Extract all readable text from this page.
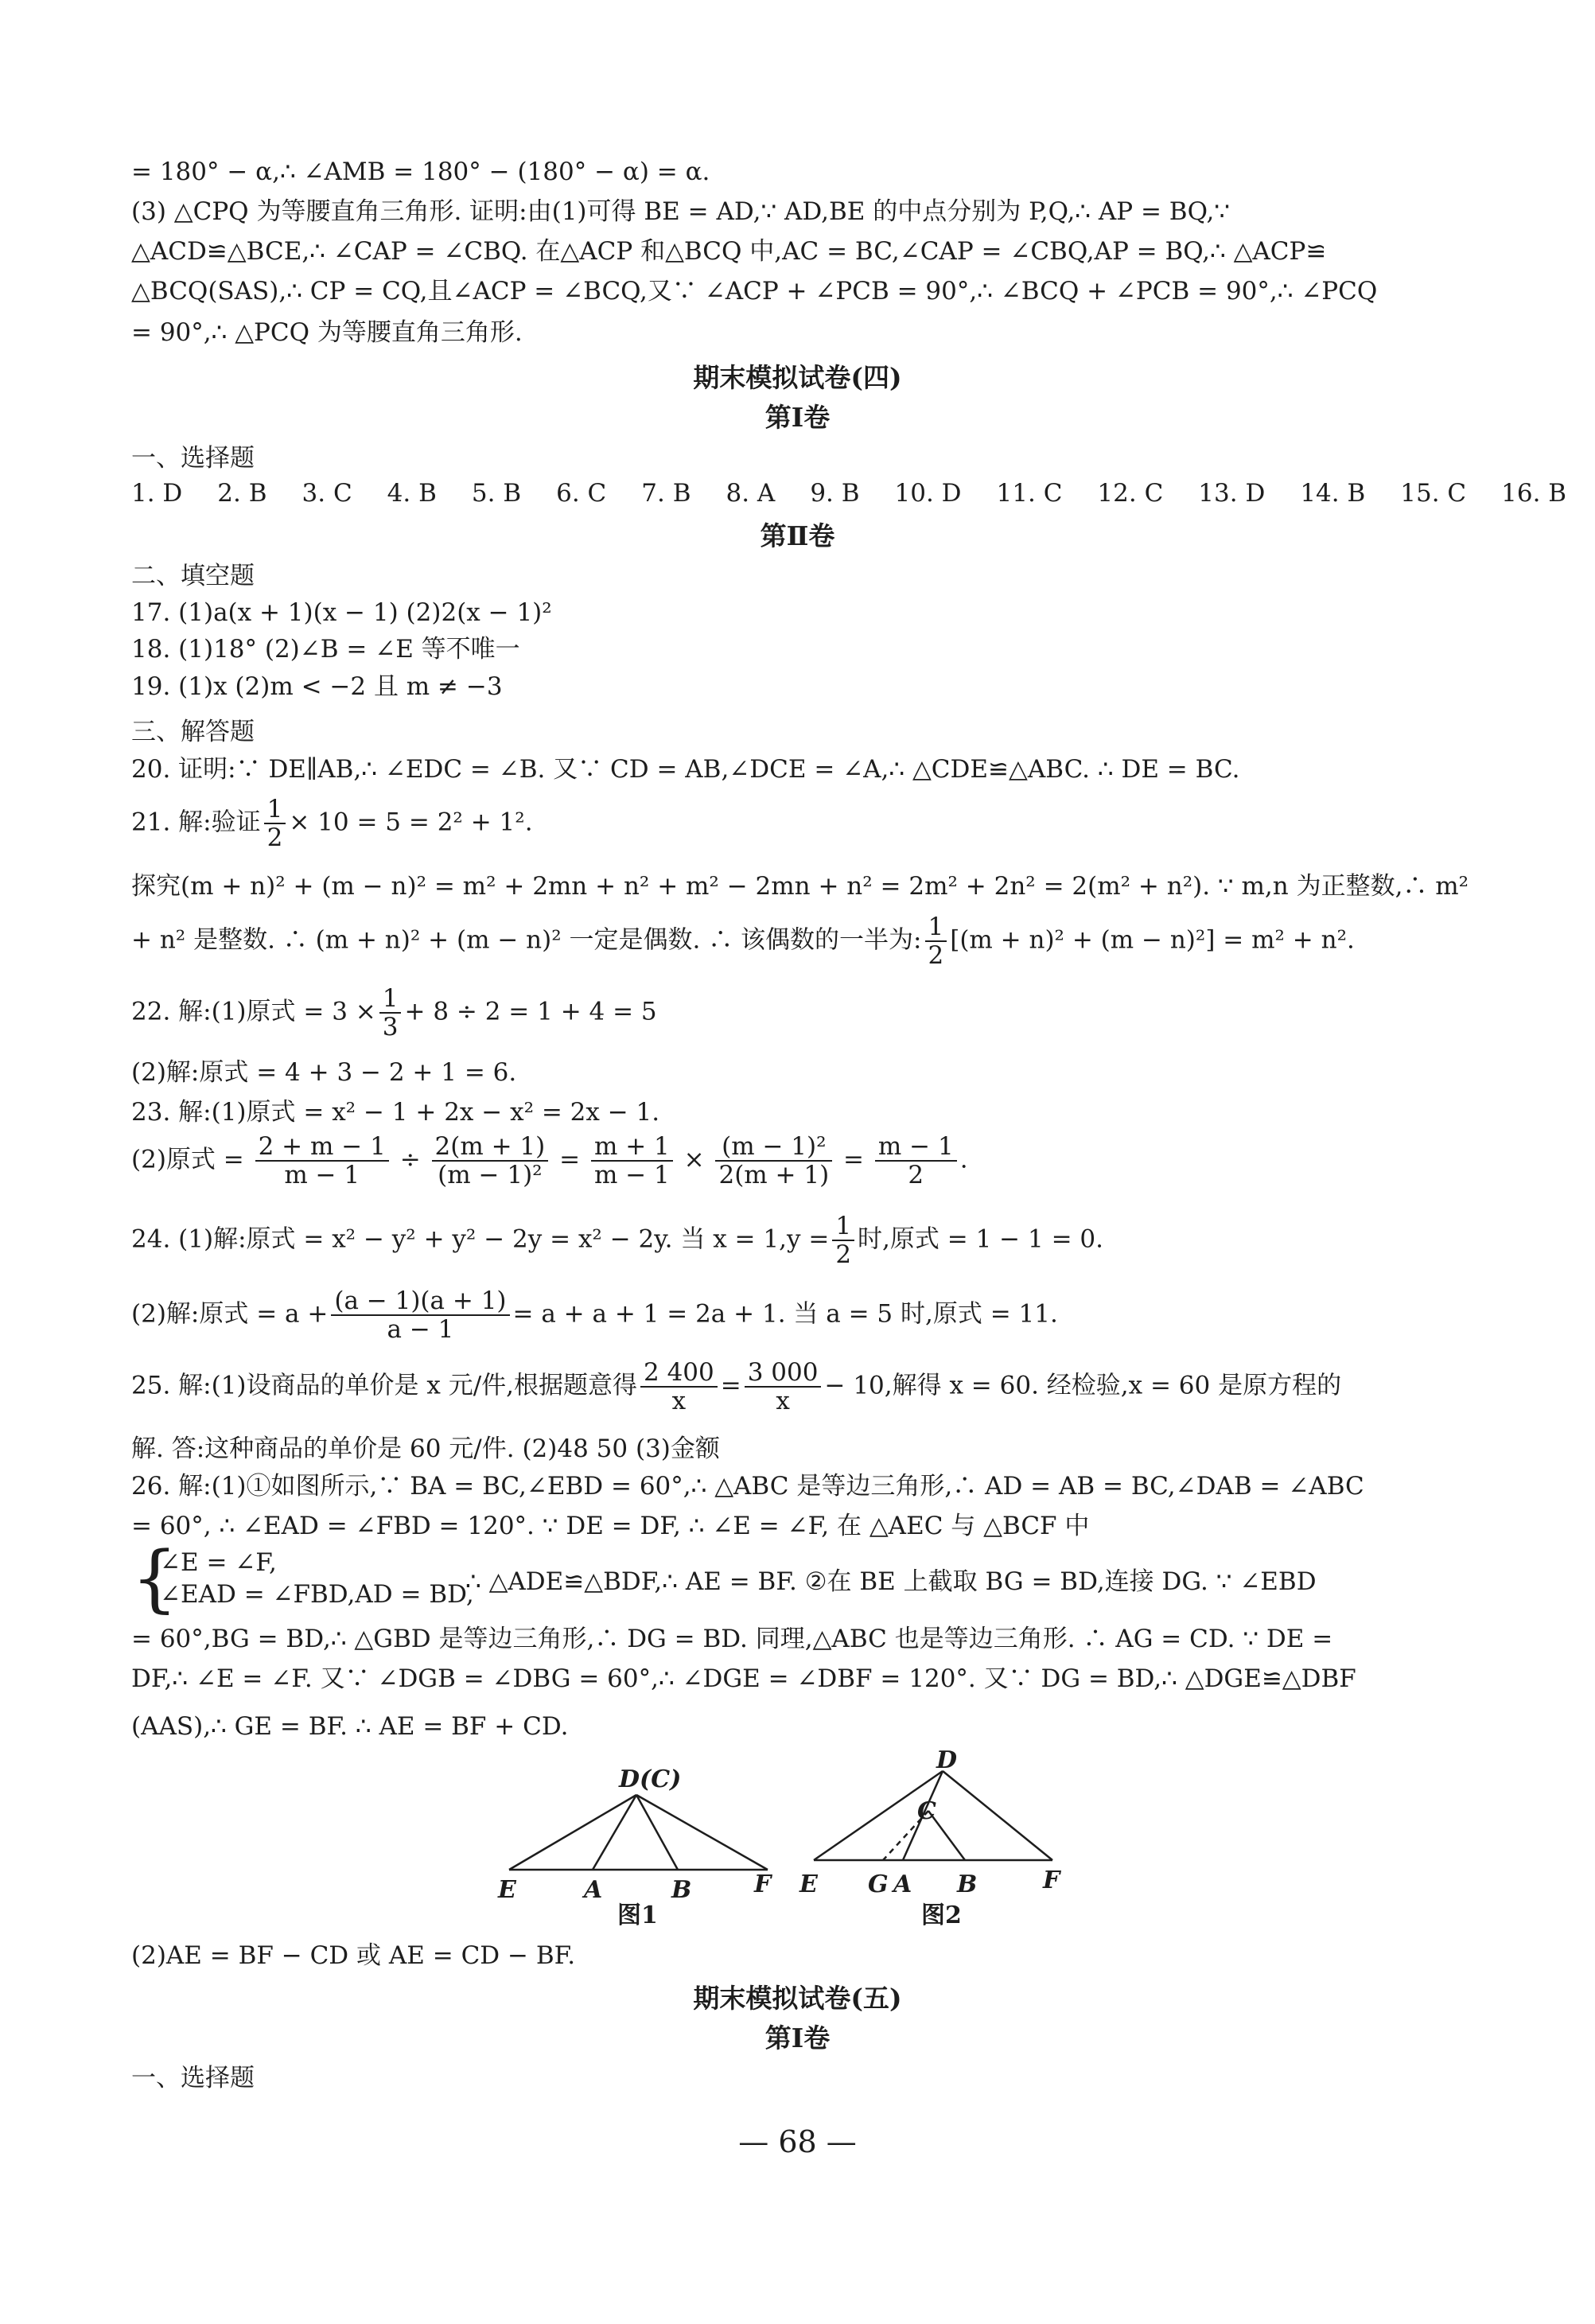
= 180° − α,∴ ∠AMB = 180° − (180° − α) = α.
(3) △CPQ 为等腰直角三角形. 证明:由(1)可得 BE = AD,∵ AD,BE 的中点分别为 P,Q,∴ AP = BQ,∵
△ACD≌△BCE,∴ ∠CAP = ∠CBQ. 在△ACP 和△BCQ 中,AC = BC,∠CAP = ∠CBQ,AP = BQ,∴ △ACP≌
△BCQ(SAS),∴ CP = CQ,且∠ACP = ∠BCQ,又∵ ∠ACP + ∠PCB = 90°,∴ ∠BCQ + ∠PCB = 90°,∴ ∠PCQ
= 90°,∴ △PCQ 为等腰直角三角形.
期末模拟试卷(四)
第Ⅰ卷
一、选择题
1. D 2. B 3. C 4. B 5. B 6. C 7. B 8. A 9. B 10. D 11. C 12. C 13. D 14. B 15. C 16. B
第Ⅱ卷
二、填空题
17. (1)a(x + 1)(x − 1) (2)2(x − 1)²
18. (1)18° (2)∠B = ∠E 等不唯一
19. (1)x (2)m < −2 且 m ≠ −3
三、解答题
20. 证明:∵ DE∥AB,∴ ∠EDC = ∠B. 又∵ CD = AB,∠DCE = ∠A,∴ △CDE≌△ABC. ∴ DE = BC.
21. 解:验证 $\frac{1}{2} \times 10 = 5 = 2^2 + 1^2$.
探究(m + n)² + (m − n)² = m² + 2mn + n² + m² − 2mn + n² = 2m² + 2n² = 2(m² + n²). ∵ m,n 为正整数,∴ m²
+ n² 是整数. ∴ (m + n)² + (m − n)² 一定是偶数. ∴ 该偶数的一半为: $\frac{1}{2} [(m + n)^2 + (m - n)^2] = m^2 + n^2$.
22. 解:(1)原式 = $3 \times \frac{1}{3} + 8 \div 2 = 1 + 4 = 5$
(2)解:原式 = 4 + 3 − 2 + 1 = 6.
23. 解:(1)原式 = x² − 1 + 2x − x² = 2x − 1.
(2)原式 = $\frac{2 + m - 1}{m - 1} \div \frac{2(m + 1)}{\text{(m − 1)²}} = \frac{m + 1}{m - 1} \times \frac{\text{(m − 1)²}}{2(m + 1)} = \frac{m - 1}{2}$ .
24. (1)解:原式 = x² − y² + y² − 2y = x² − 2y. 当 $x = 1,y = \frac{1}{2}$ 时,原式 = 1 − 1 = 0.
(2)解:原式 = $a + \frac{(a - 1)(a + 1)}{a - 1} = a + a + 1 = 2a + 1$. 当 a = 5 时,原式 = 11.
25. 解:(1)设商品的单价是 x 元/件,根据题意得 $\frac{2 400}{x} = \frac{3 000}{x} - 10$,解得 x = 60. 经检验,x = 60 是原方程的
解. 答:这种商品的单价是 60 元/件. (2)48 50 (3)金额
26. 解:(1)①如图所示,∵ BA = BC,∠EBD = 60°,∴ △ABC 是等边三角形,∴ AD = AB = BC,∠DAB = ∠ABC
= 60°, ∴ ∠EAD = ∠FBD = 120°. ∵ DE = DF, ∴ ∠E = ∠F, 在 △AEC 与 △BCF 中
{
∠E = ∠F,
∠EAD = ∠FBD,AD = BD,
∴ △ADE≌△BDF,∴ AE = BF. ②在 BE 上截取 BG = BD,连接 DG. ∵ ∠EBD
= 60°,BG = BD,∴ △GBD 是等边三角形,∴ DG = BD. 同理,△ABC 也是等边三角形. ∴ AG = CD. ∵ DE =
DF,∴ ∠E = ∠F. 又∵ ∠DGB = ∠DBG = 60°,∴ ∠DGE = ∠DBF = 120°. 又∵ DG = BD,∴ △DGE≌△DBF
(AAS),∴ GE = BF. ∴ AE = BF + CD.
D(C)
E	A	B	F
图1
D
C
E G A B	F
图2
(2)AE = BF − CD 或 AE = CD − BF.
期末模拟试卷(五)
第Ⅰ卷
一、选择题
— 68 —
